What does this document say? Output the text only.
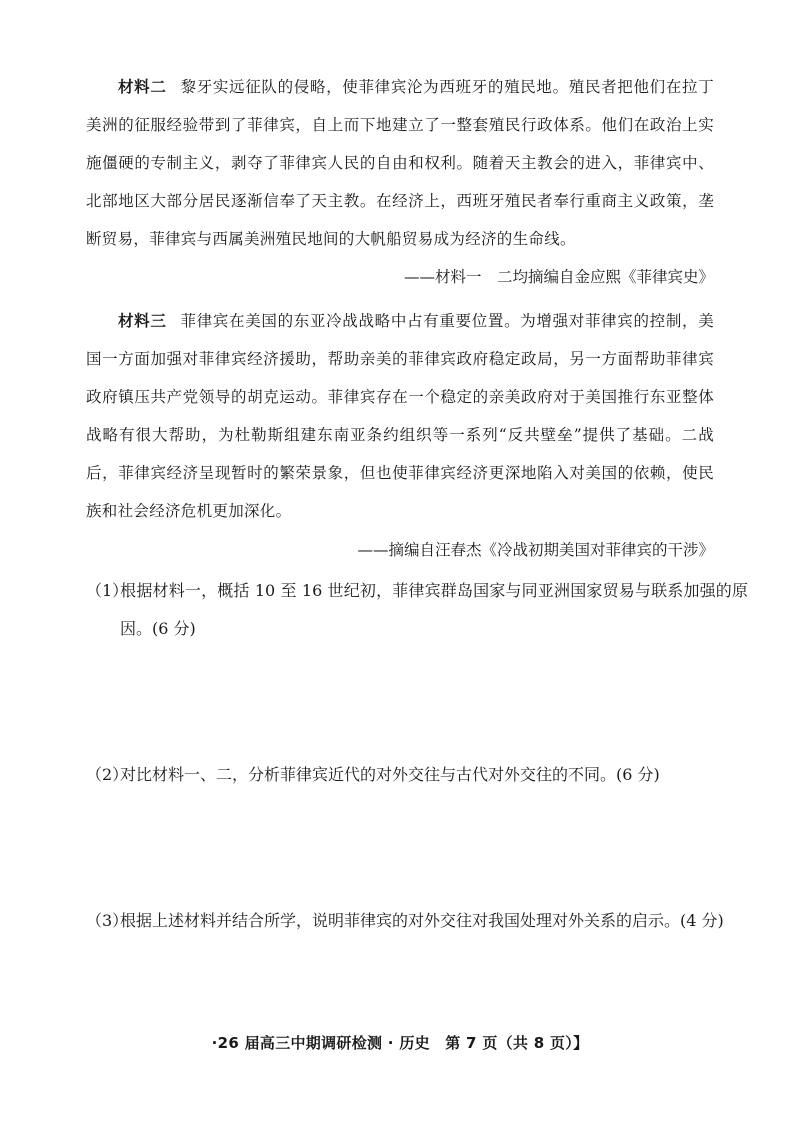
材料二 黎牙实远征队的侵略，使菲律宾沦为西班牙的殖民地。殖民者把他们在拉丁美洲的征服经验带到了菲律宾，自上而下地建立了一整套殖民行政体系。他们在政治上实施僵硬的专制主义，剥夺了菲律宾人民的自由和权利。随着天主教会的进入，菲律宾中、北部地区大部分居民逐渐信奉了天主教。在经济上，西班牙殖民者奉行重商主义政策，垄断贸易，菲律宾与西属美洲殖民地间的大帆船贸易成为经济的生命线。
——材料一　二均摘编自金应熙《菲律宾史》
材料三 菲律宾在美国的东亚冷战战略中占有重要位置。为增强对菲律宾的控制，美国一方面加强对菲律宾经济援助，帮助亲美的菲律宾政府稳定政局，另一方面帮助菲律宾政府镇压共产党领导的胡克运动。菲律宾存在一个稳定的亲美政府对于美国推行东亚整体战略有很大帮助，为杜勒斯组建东南亚条约组织等一系列“反共壁垒”提供了基础。二战后，菲律宾经济呈现暂时的繁荣景象，但也使菲律宾经济更深地陷入对美国的依赖，使民族和社会经济危机更加深化。
——摘编自汪春杰《冷战初期美国对菲律宾的干涉》
（1）根据材料一，概括 10 至 16 世纪初，菲律宾群岛国家与同亚洲国家贸易与联系加强的原因。(6 分)
（2）对比材料一、二，分析菲律宾近代的对外交往与古代对外交往的不同。(6 分)
（3）根据上述材料并结合所学，说明菲律宾的对外交往对我国处理对外关系的启示。(4 分)
·26 届高三中期调研检测 · 历史　第 7 页（共 8 页）】
